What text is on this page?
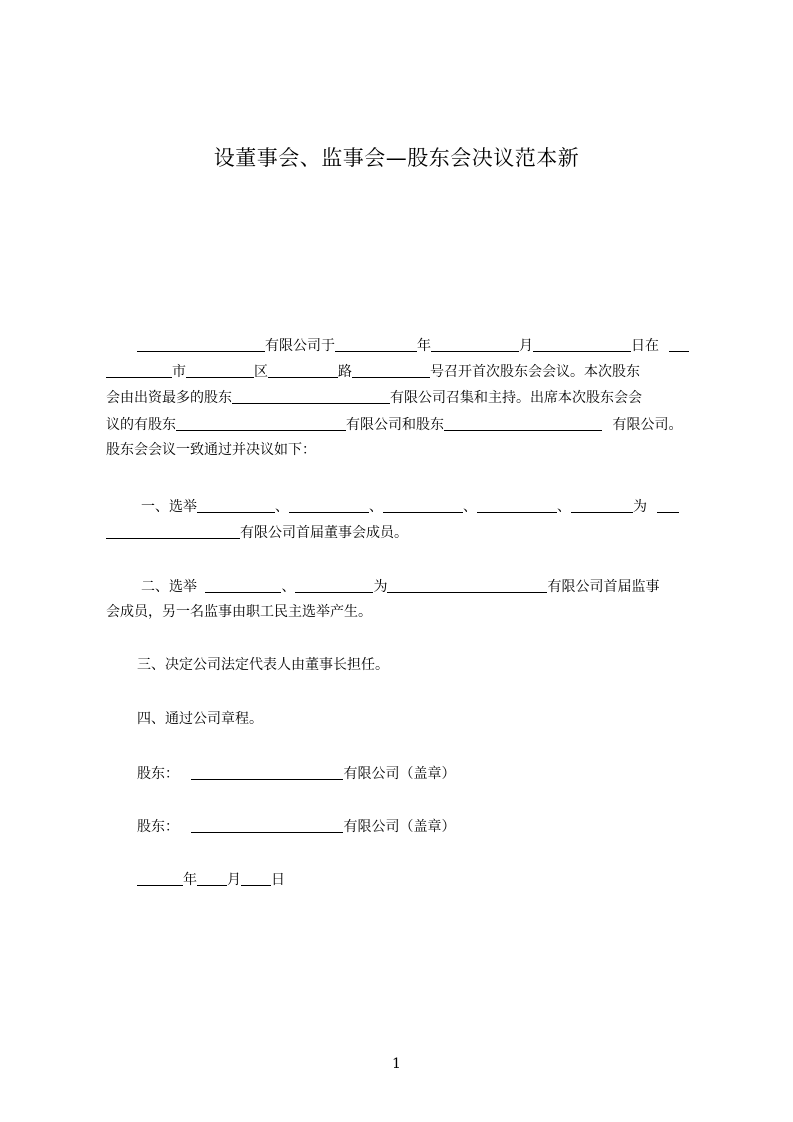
设董事会、监事会—股东会决议范本新
有限公司于	年	月	日在
市	区	路	号召开首次股东会会议。本次股东
会由出资最多的股东	有限公司召集和主持。出席本次股东会会
议的有股东	有限公司和股东	有限公司。
股东会会议一致通过并决议如下：
一、选举	、	、	、	、	为
有限公司首届董事会成员。
二、选举	、	为	有限公司首届监事
会成员，另一名监事由职工民主选举产生。
三、决定公司法定代表人由董事长担任。
四、通过公司章程。
股东：	有限公司（盖章）
股东：	有限公司（盖章）
年 月 日
1
